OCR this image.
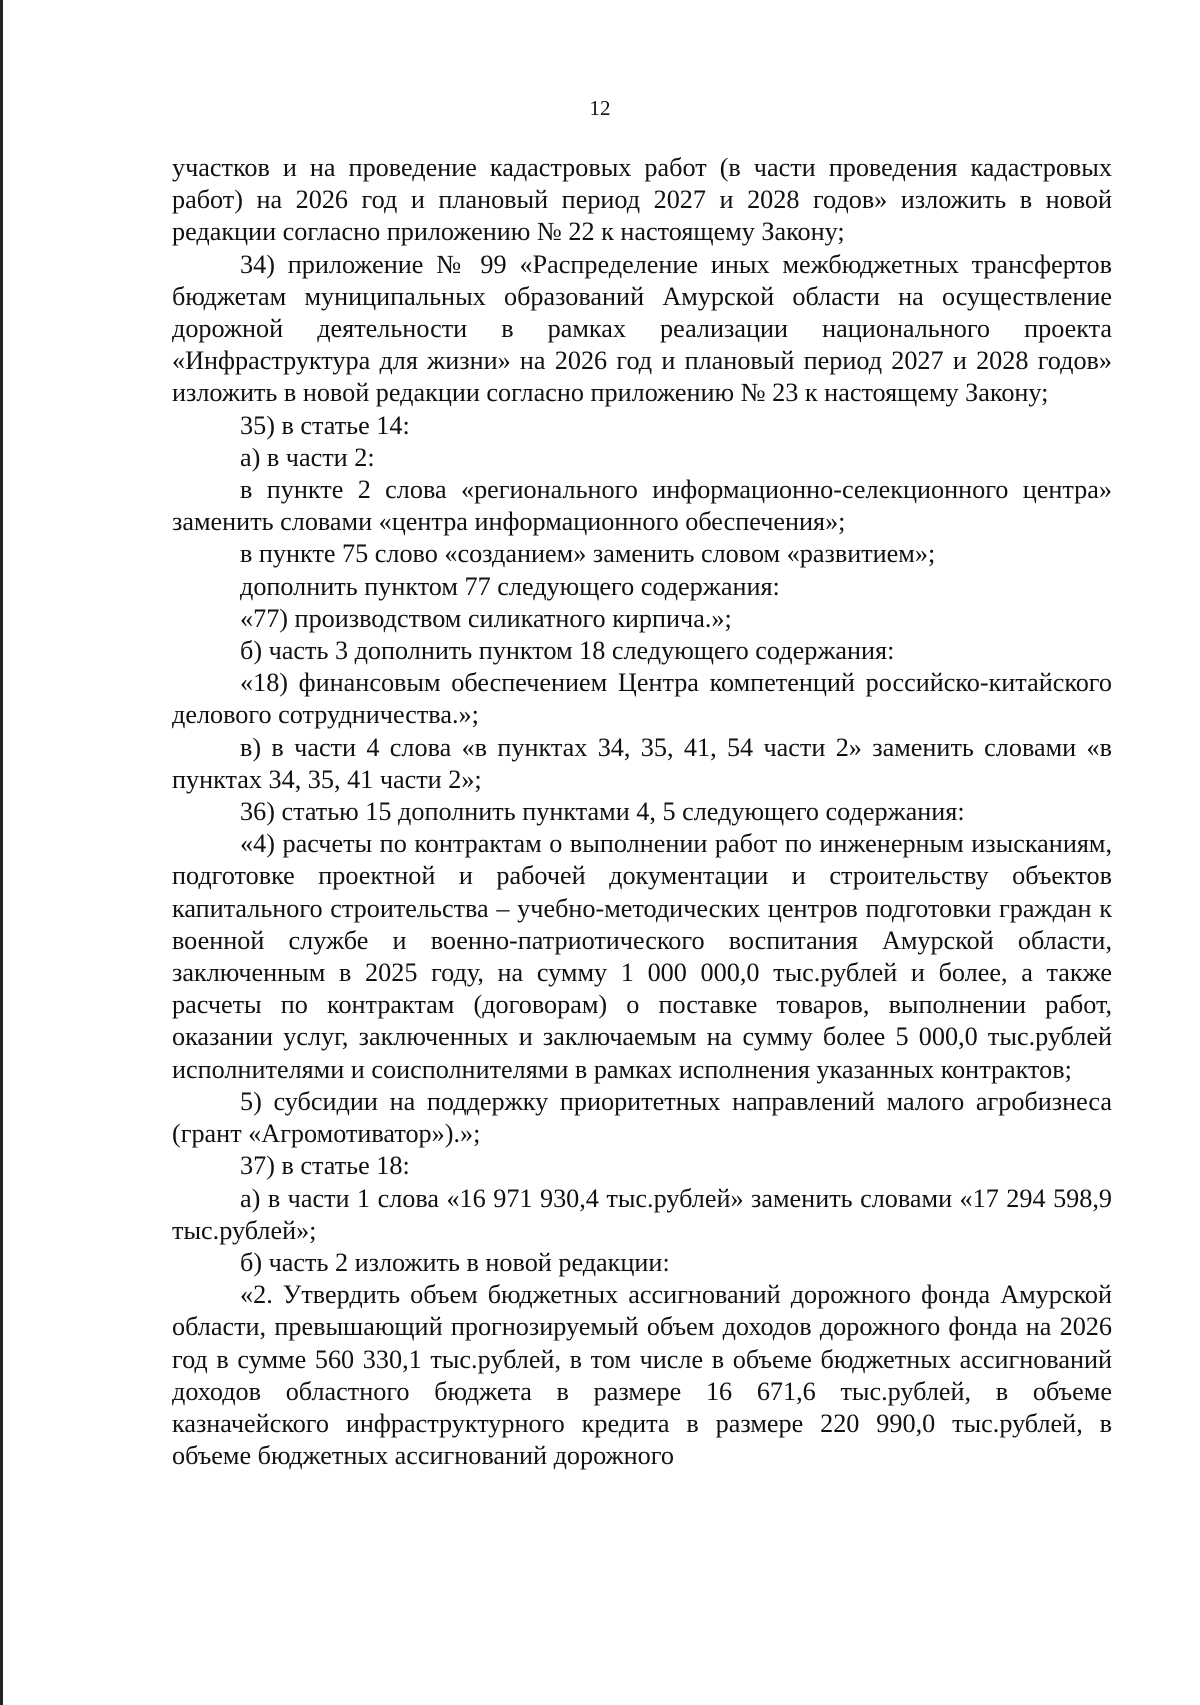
12

участков и на проведение кадастровых работ (в части проведения кадастровых работ) на 2026 год и плановый период 2027 и 2028 годов» изложить в новой редакции согласно приложению № 22 к настоящему Закону;

34) приложение № 99 «Распределение иных межбюджетных трансфертов бюджетам муниципальных образований Амурской области на осуществление дорожной деятельности в рамках реализации национального проекта «Инфраструктура для жизни» на 2026 год и плановый период 2027 и 2028 годов» изложить в новой редакции согласно приложению № 23 к настоящему Закону;

35) в статье 14:

а) в части 2:

в пункте 2 слова «регионального информационно-селекционного центра» заменить словами «центра информационного обеспечения»;

в пункте 75 слово «созданием» заменить словом «развитием»;

дополнить пунктом 77 следующего содержания:

«77) производством силикатного кирпича.»;

б) часть 3 дополнить пунктом 18 следующего содержания:

«18) финансовым обеспечением Центра компетенций российско-китайского делового сотрудничества.»;

в) в части 4 слова «в пунктах 34, 35, 41, 54 части 2» заменить словами «в пунктах 34, 35, 41 части 2»;

36) статью 15 дополнить пунктами 4, 5 следующего содержания:

«4) расчеты по контрактам о выполнении работ по инженерным изысканиям, подготовке проектной и рабочей документации и строительству объектов капитального строительства – учебно-методических центров подготовки граждан к военной службе и военно-патриотического воспитания Амурской области, заключенным в 2025 году, на сумму 1 000 000,0 тыс.рублей и более, а также расчеты по контрактам (договорам) о поставке товаров, выполнении работ, оказании услуг, заключенных и заключаемым на сумму более 5 000,0 тыс.рублей исполнителями и соисполнителями в рамках исполнения указанных контрактов;

5) субсидии на поддержку приоритетных направлений малого агробизнеса (грант «Агромотиватор»).»;

37) в статье 18:

а) в части 1 слова «16 971 930,4 тыс.рублей» заменить словами «17 294 598,9 тыс.рублей»;

б) часть 2 изложить в новой редакции:

«2. Утвердить объем бюджетных ассигнований дорожного фонда Амурской области, превышающий прогнозируемый объем доходов дорожного фонда на 2026 год в сумме 560 330,1 тыс.рублей, в том числе в объеме бюджетных ассигнований доходов областного бюджета в размере 16 671,6 тыс.рублей, в объеме казначейского инфраструктурного кредита в размере 220 990,0 тыс.рублей, в объеме бюджетных ассигнований дорожного
